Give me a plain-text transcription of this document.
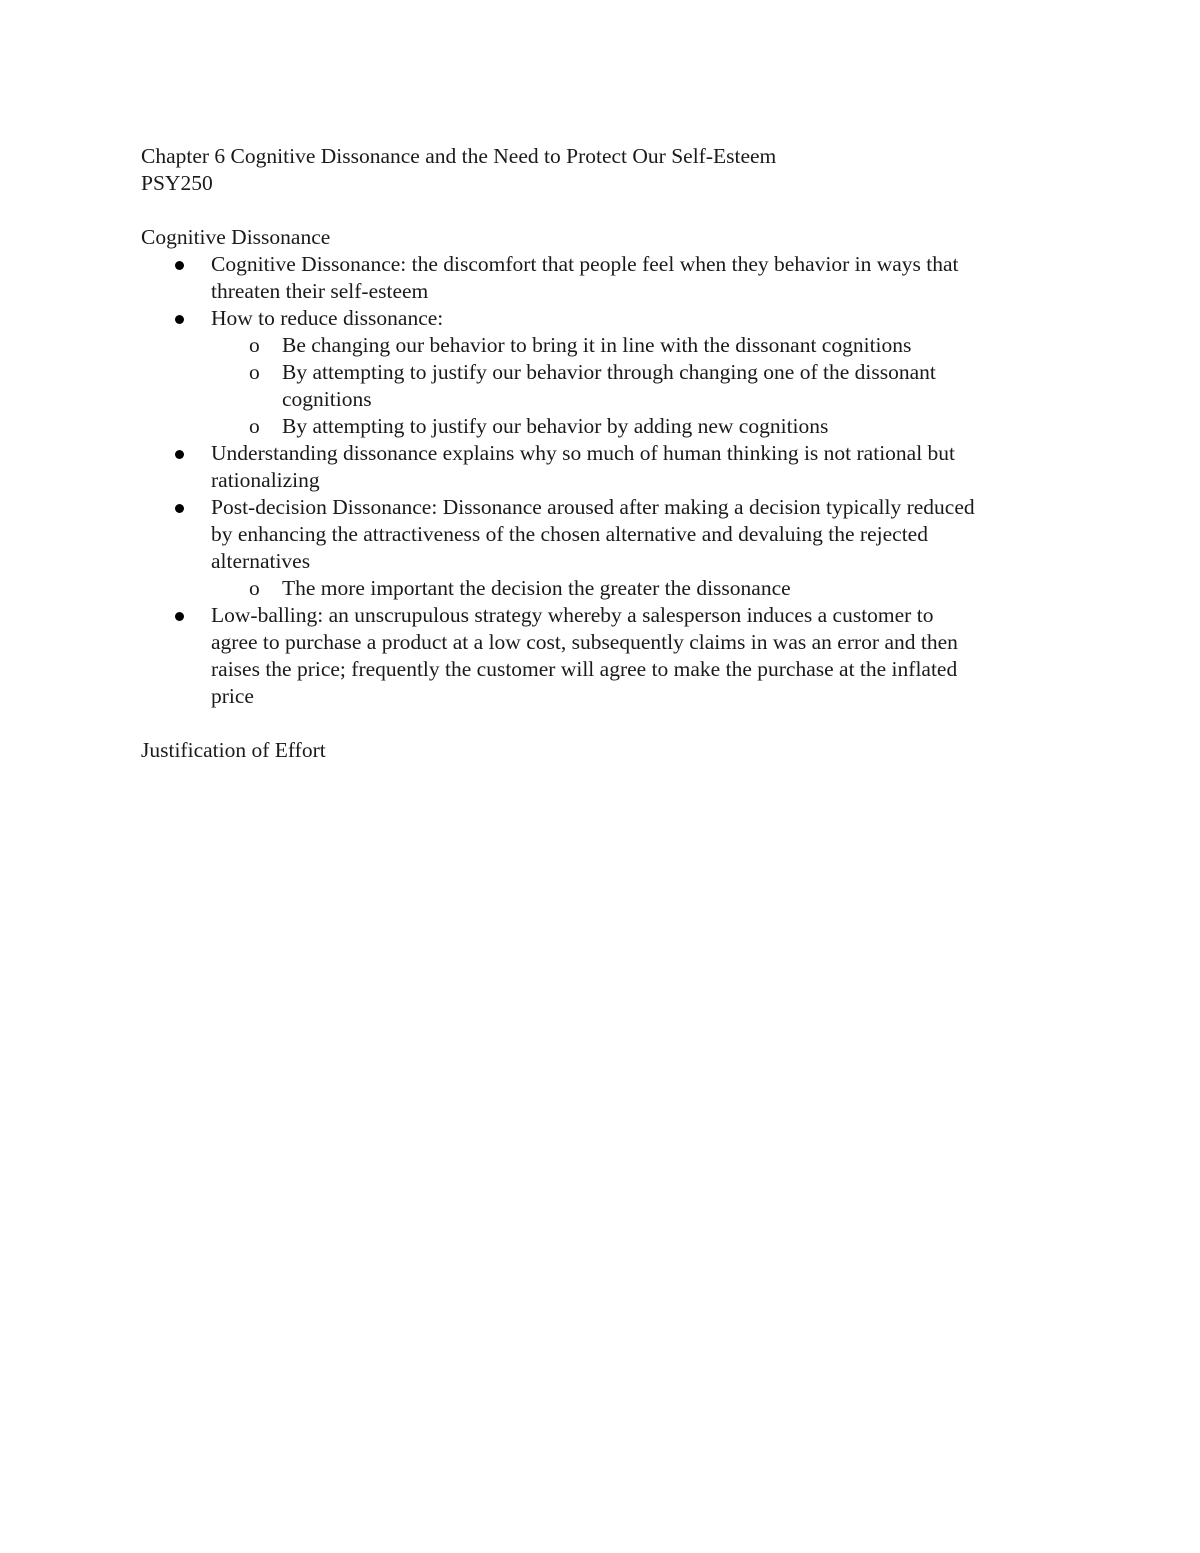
Chapter 6 Cognitive Dissonance and the Need to Protect Our Self-Esteem

PSY250

Cognitive Dissonance

Cognitive Dissonance: the discomfort that people feel when they behavior in ways that
threaten their self-esteem
How to reduce dissonance:
o Be changing our behavior to bring it in line with the dissonant cognitions
o By attempting to justify our behavior through changing one of the dissonant
cognitions
o By attempting to justify our behavior by adding new cognitions
Understanding dissonance explains why so much of human thinking is not rational but
rationalizing
Post-decision Dissonance: Dissonance aroused after making a decision typically reduced
by enhancing the attractiveness of the chosen alternative and devaluing the rejected
alternatives
o The more important the decision the greater the dissonance
Low-balling: an unscrupulous strategy whereby a salesperson induces a customer to
agree to purchase a product at a low cost, subsequently claims in was an error and then
raises the price; frequently the customer will agree to make the purchase at the inflated
price

Justification of Effort
